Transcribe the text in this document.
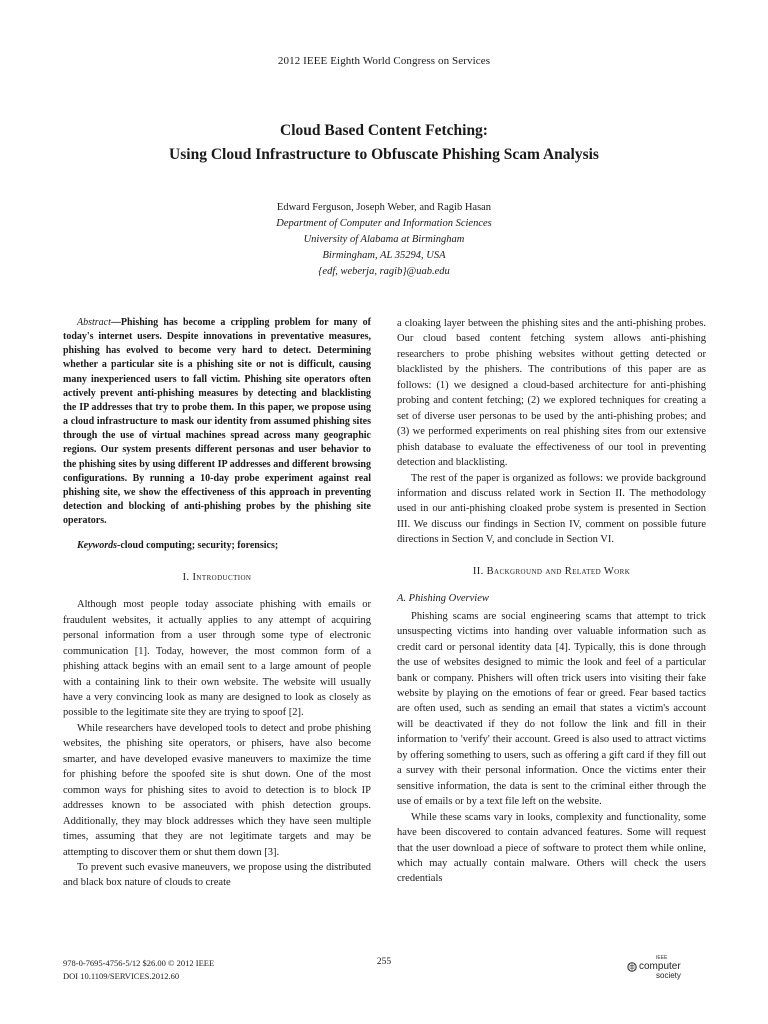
2012 IEEE Eighth World Congress on Services
Cloud Based Content Fetching:
Using Cloud Infrastructure to Obfuscate Phishing Scam Analysis
Edward Ferguson, Joseph Weber, and Ragib Hasan
Department of Computer and Information Sciences
University of Alabama at Birmingham
Birmingham, AL 35294, USA
{edf, weberja, ragib}@uab.edu

Abstract—Phishing has become a crippling problem for many of today's internet users. Despite innovations in preventative measures, phishing has evolved to become very hard to detect. Determining whether a particular site is a phishing site or not is difficult, causing many inexperienced users to fall victim. Phishing site operators often actively prevent anti-phishing measures by detecting and blacklisting the IP addresses that try to probe them. In this paper, we propose using a cloud infrastructure to mask our identity from assumed phishing sites through the use of virtual machines spread across many geographic regions. Our system presents different personas and user behavior to the phishing sites by using different IP addresses and different browsing configurations. By running a 10-day probe experiment against real phishing site, we show the effectiveness of this approach in preventing detection and blocking of anti-phishing probes by the phishing site operators.

Keywords-cloud computing; security; forensics;

I. Introduction

Although most people today associate phishing with emails or fraudulent websites, it actually applies to any attempt of acquiring personal information from a user through some type of electronic communication [1]. Today, however, the most common form of a phishing attack begins with an email sent to a large amount of people with a containing link to their own website. The website will usually have a very convincing look as many are designed to look as closely as possible to the legitimate site they are trying to spoof [2].

While researchers have developed tools to detect and probe phishing websites, the phishing site operators, or phisers, have also become smarter, and have developed evasive maneuvers to maximize the time for phishing before the spoofed site is shut down. One of the most common ways for phishing sites to avoid to detection is to block IP addresses known to be associated with phish detection groups. Additionally, they may block addresses which they have seen multiple times, assuming that they are not legitimate targets and may be attempting to discover them or shut them down [3].

To prevent such evasive maneuvers, we propose using the distributed and black box nature of clouds to create

a cloaking layer between the phishing sites and the anti-phishing probes. Our cloud based content fetching system allows anti-phishing researchers to probe phishing websites without getting detected or blacklisted by the phishers. The contributions of this paper are as follows: (1) we designed a cloud-based architecture for anti-phishing probing and content fetching; (2) we explored techniques for creating a set of diverse user personas to be used by the anti-phishing probes; and (3) we performed experiments on real phishing sites from our extensive phish database to evaluate the effectiveness of our tool in preventing detection and blacklisting.

The rest of the paper is organized as follows: we provide background information and discuss related work in Section II. The methodology used in our anti-phishing cloaked probe system is presented in Section III. We discuss our findings in Section IV, comment on possible future directions in Section V, and conclude in Section VI.

II. Background and Related Work

A. Phishing Overview

Phishing scams are social engineering scams that attempt to trick unsuspecting victims into handing over valuable information such as credit card or personal identity data [4]. Typically, this is done through the use of websites designed to mimic the look and feel of a particular bank or company. Phishers will often trick users into visiting their fake website by playing on the emotions of fear or greed. Fear based tactics are often used, such as sending an email that states a victim's account will be deactivated if they do not follow the link and fill in their information to 'verify' their account. Greed is also used to attract victims by offering something to users, such as offering a gift card if they fill out a survey with their personal information. Once the victims enter their sensitive information, the data is sent to the criminal either through the use of emails or by a text file left on the website.

While these scams vary in looks, complexity and functionality, some have been discovered to contain advanced features. Some will request that the user download a piece of software to protect them while online, which may actually contain malware. Others will check the users credentials

978-0-7695-4756-5/12 $26.00 © 2012 IEEE
DOI 10.1109/SERVICES.2012.60
255	IEEE
computer
society
